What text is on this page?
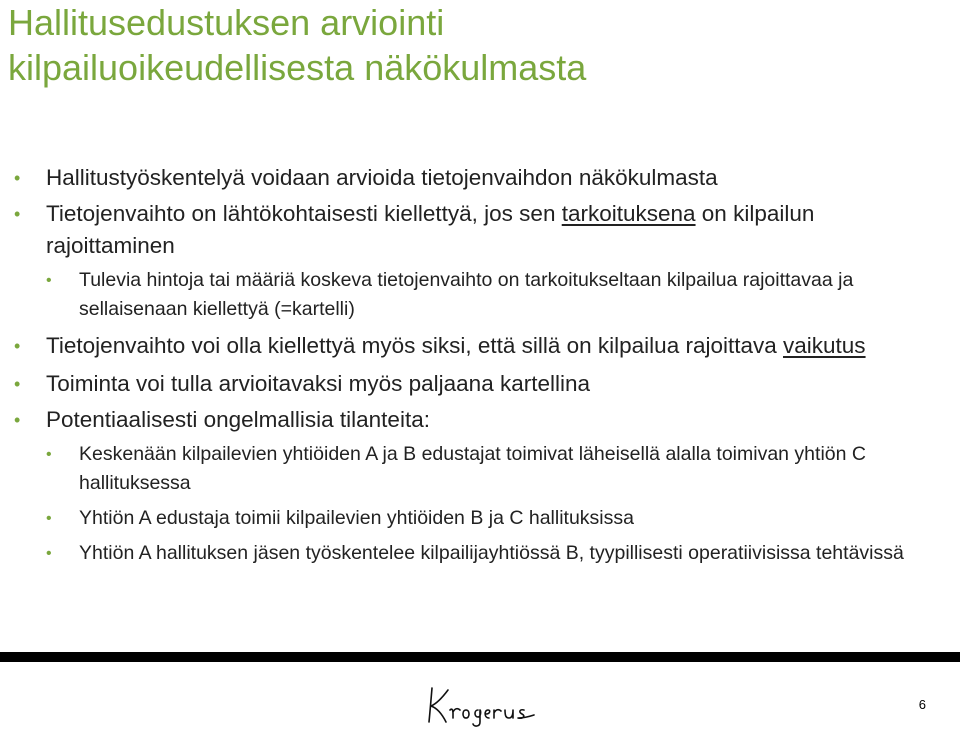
Hallitusedustuksen arviointi
kilpailuoikeudellisesta näkökulmasta
• Hallitustyöskentelyä voidaan arvioida tietojenvaihdon näkökulmasta
• Tietojenvaihto on lähtökohtaisesti kiellettyä, jos sen tarkoituksena on kilpailun rajoittaminen
• Tulevia hintoja tai määriä koskeva tietojenvaihto on tarkoitukseltaan kilpailua rajoittavaa ja sellaisenaan kiellettyä (=kartelli)
• Tietojenvaihto voi olla kiellettyä myös siksi, että sillä on kilpailua rajoittava vaikutus
• Toiminta voi tulla arvioitavaksi myös paljaana kartellina
• Potentiaalisesti ongelmallisia tilanteita:
• Keskenään kilpailevien yhtiöiden A ja B edustajat toimivat läheisellä alalla toimivan yhtiön C hallituksessa
• Yhtiön A edustaja toimii kilpailevien yhtiöiden B ja C hallituksissa
• Yhtiön A hallituksen jäsen työskentelee kilpailijayhtiössä B, tyypillisesti operatiivisissa tehtävissä
6
